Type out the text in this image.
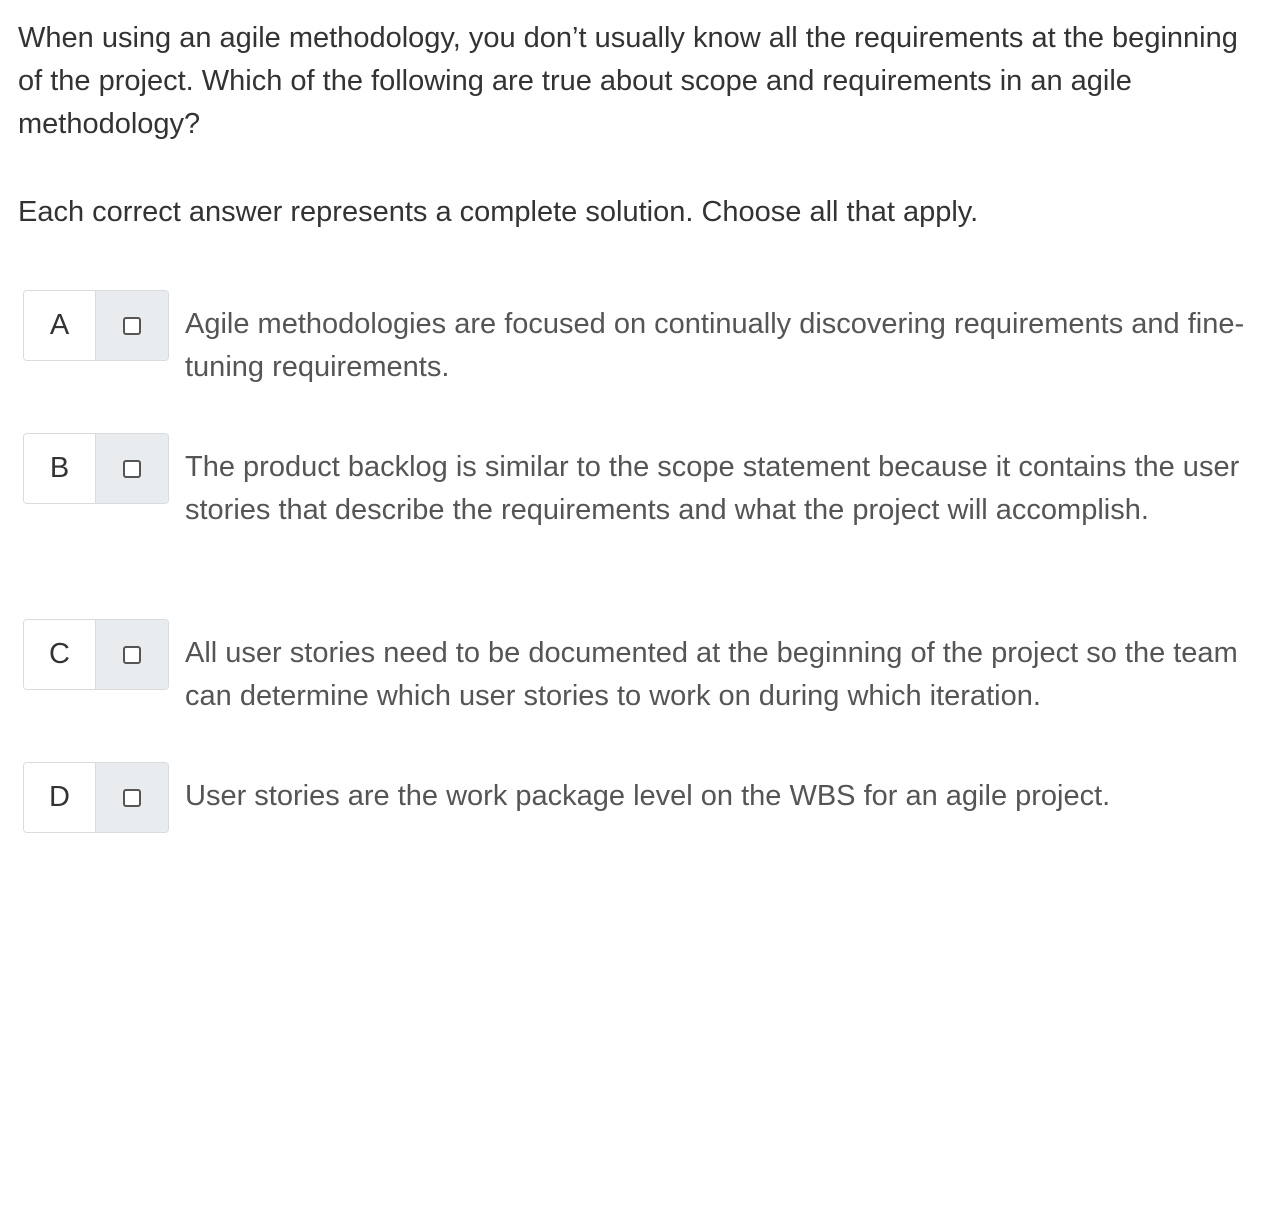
When using an agile methodology, you don’t usually know all the requirements at the beginning of the project. Which of the following are true about scope and requirements in an agile methodology?

Each correct answer represents a complete solution. Choose all that apply.

A	Agile methodologies are focused on continually discovering requirements and fine-tuning requirements.
B	The product backlog is similar to the scope statement because it contains the user stories that describe the requirements and what the project will accomplish.
C	All user stories need to be documented at the beginning of the project so the team can determine which user stories to work on during which iteration.
D	User stories are the work package level on the WBS for an agile project.
